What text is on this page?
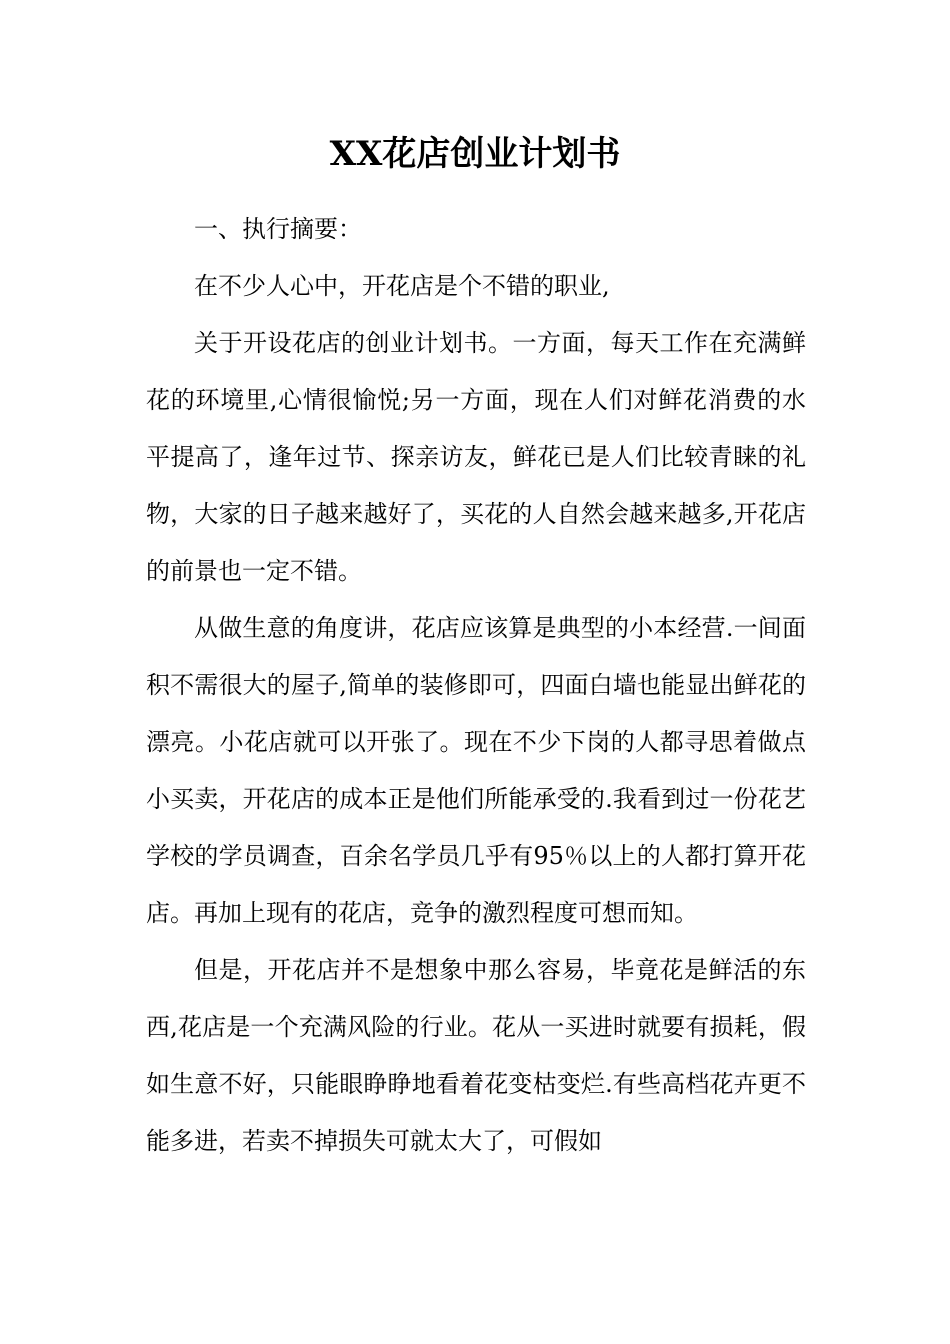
XX花店创业计划书

一、执行摘要：

在不少人心中，开花店是个不错的职业,

关于开设花店的创业计划书。一方面，每天工作在充满鲜花的环境里,心情很愉悦;另一方面，现在人们对鲜花消费的水平提高了，逢年过节、探亲访友，鲜花已是人们比较青睐的礼物，大家的日子越来越好了，买花的人自然会越来越多,开花店的前景也一定不错。

从做生意的角度讲，花店应该算是典型的小本经营.一间面积不需很大的屋子,简单的装修即可，四面白墙也能显出鲜花的漂亮。小花店就可以开张了。现在不少下岗的人都寻思着做点小买卖，开花店的成本正是他们所能承受的.我看到过一份花艺学校的学员调查，百余名学员几乎有95％以上的人都打算开花店。再加上现有的花店，竞争的激烈程度可想而知。

但是，开花店并不是想象中那么容易，毕竟花是鲜活的东西,花店是一个充满风险的行业。花从一买进时就要有损耗，假如生意不好，只能眼睁睁地看着花变枯变烂.有些高档花卉更不能多进，若卖不掉损失可就太大了，可假如
